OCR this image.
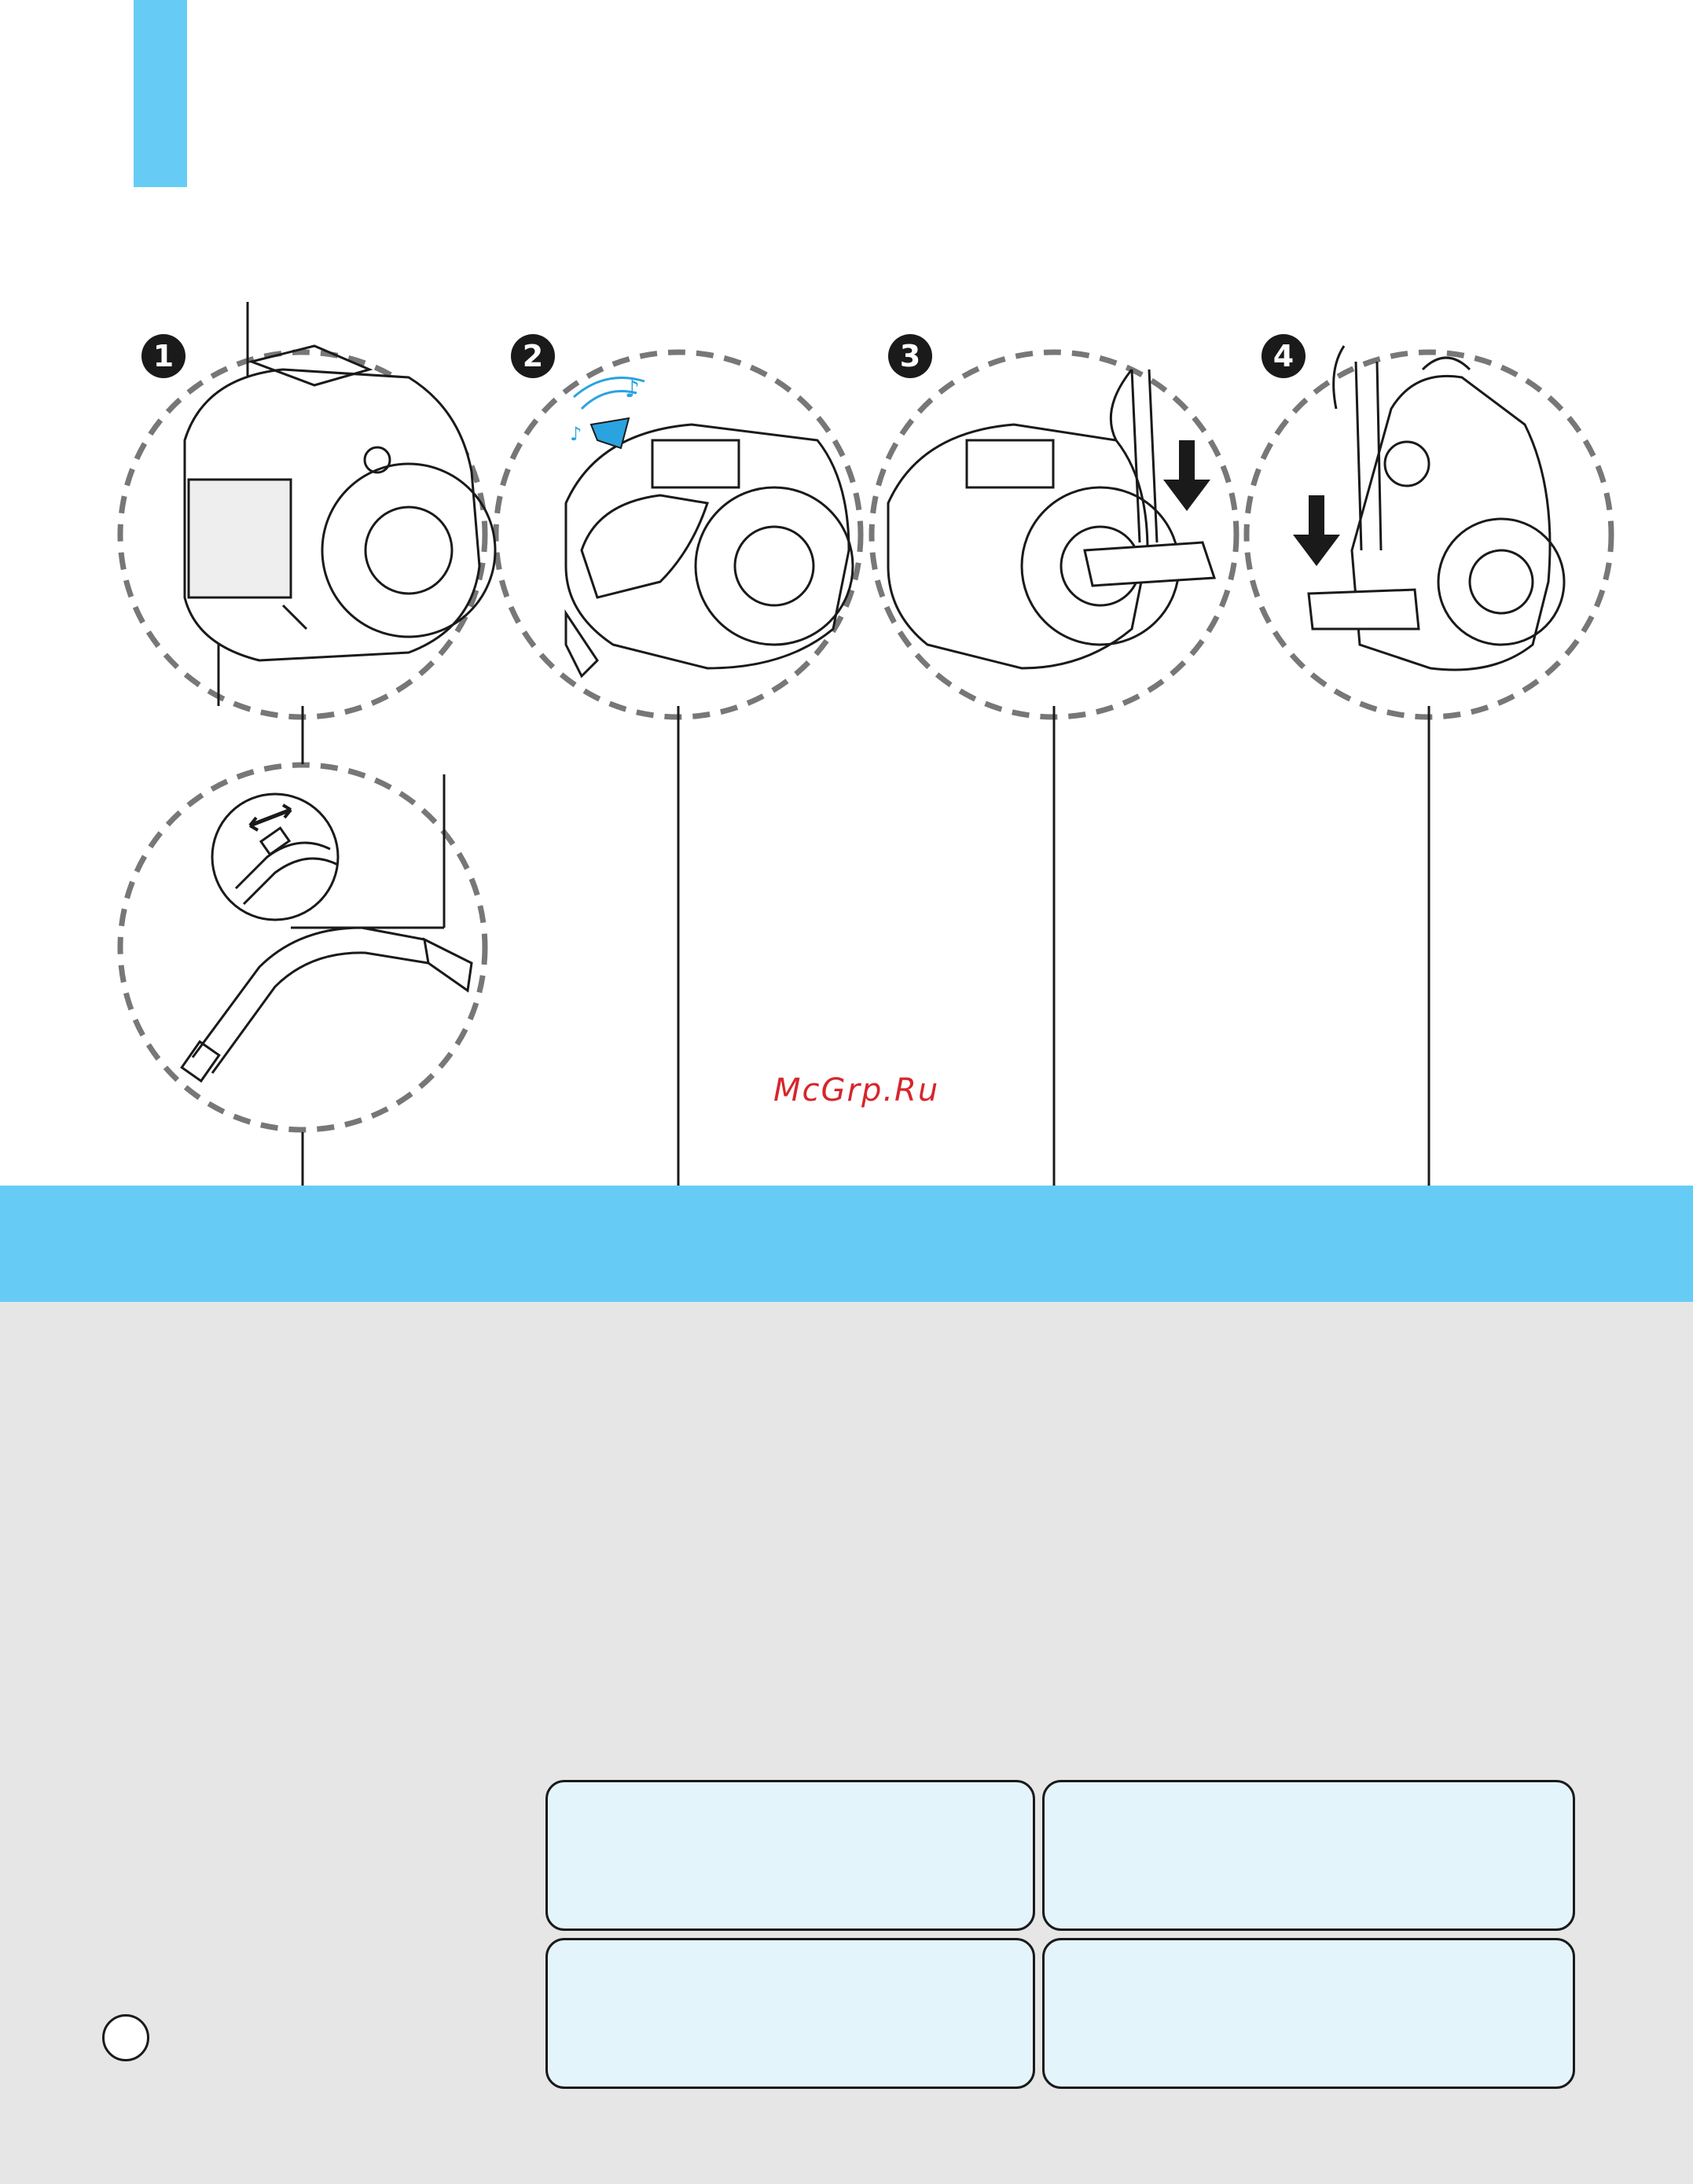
♪
♪
1	2	3	4
McGrp.Ru
